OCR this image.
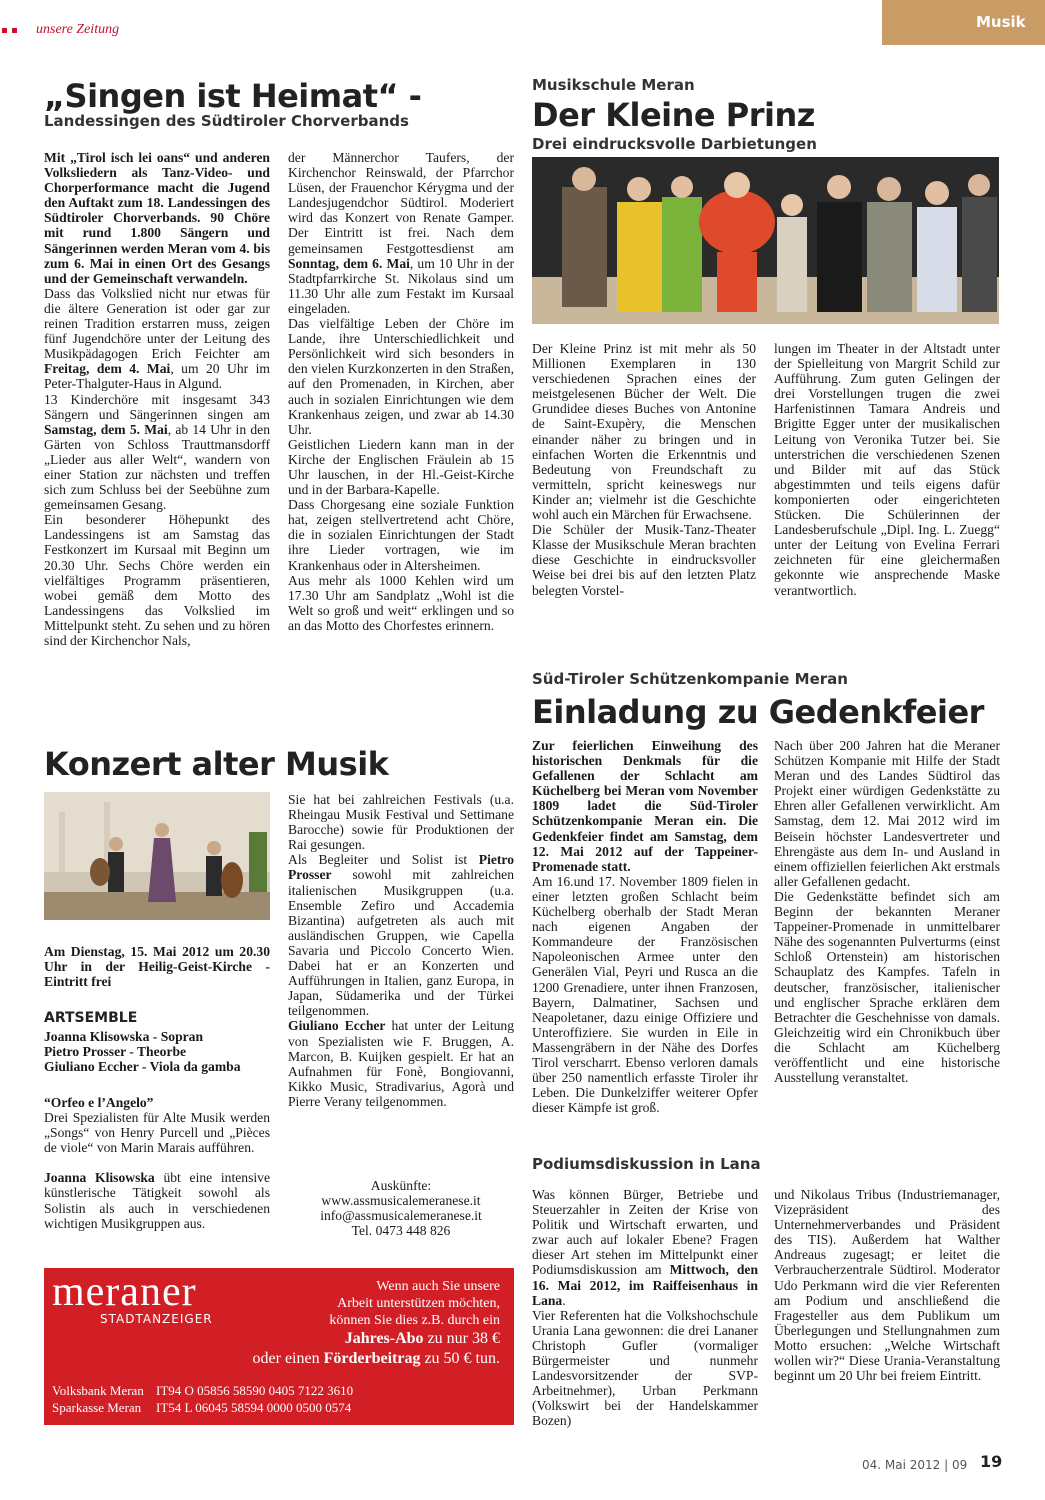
unsere Zeitung	Musik
„Singen ist Heimat“ -
Landessingen des Südtiroler Chorverbands

Mit „Tirol isch lei oans“ und anderen Volksliedern als Tanz-Video- und Chorperformance macht die Jugend den Auftakt zum 18. Landessingen des Südtiroler Chorverbands. 90 Chöre mit rund 1.800 Sängern und Sängerinnen werden Meran vom 4. bis zum 6. Mai in einen Ort des Gesangs und der Gemeinschaft verwandeln.
Dass das Volkslied nicht nur etwas für die ältere Generation ist oder gar zur reinen Tradition erstarren muss, zeigen fünf Jugendchöre unter der Leitung des Musikpädagogen Erich Feichter am Freitag, dem 4. Mai, um 20 Uhr im Peter-Thalguter-Haus in Algund.
13 Kinderchöre mit insgesamt 343 Sängern und Sängerinnen singen am Samstag, dem 5. Mai, ab 14 Uhr in den Gärten von Schloss Trauttmansdorff „Lieder aus aller Welt“, wandern von einer Station zur nächsten und treffen sich zum Schluss bei der Seebühne zum gemeinsamen Gesang.
Ein besonderer Höhepunkt des Landessingens ist am Samstag das Festkonzert im Kursaal mit Beginn um 20.30 Uhr. Sechs Chöre werden ein vielfältiges Programm präsentieren, wobei gemäß dem Motto des Landessingens das Volkslied im Mittelpunkt steht. Zu sehen und zu hören sind der Kirchenchor Nals,

der Männerchor Taufers, der Kirchenchor Reinswald, der Pfarrchor Lüsen, der Frauenchor Kérygma und der Landesjugendchor Südtirol. Moderiert wird das Konzert von Renate Gamper. Der Eintritt ist frei. Nach dem gemeinsamen Festgottesdienst am Sonntag, dem 6. Mai, um 10 Uhr in der Stadtpfarrkirche St. Nikolaus sind um 11.30 Uhr alle zum Festakt im Kursaal eingeladen.
Das vielfältige Leben der Chöre im Lande, ihre Unterschiedlichkeit und Persönlichkeit wird sich besonders in den vielen Kurzkonzerten in den Straßen, auf den Promenaden, in Kirchen, aber auch in sozialen Einrichtungen wie dem Krankenhaus zeigen, und zwar ab 14.30 Uhr.
Geistlichen Liedern kann man in der Kirche der Englischen Fräulein ab 15 Uhr lauschen, in der Hl.-Geist-Kirche und in der Barbara-Kapelle.
Dass Chorgesang eine soziale Funktion hat, zeigen stellvertretend acht Chöre, die in sozialen Einrichtungen der Stadt ihre Lieder vortragen, wie im Krankenhaus oder in Altersheimen.
Aus mehr als 1000 Kehlen wird um 17.30 Uhr am Sandplatz „Wohl ist die Welt so groß und weit“ erklingen und so an das Motto des Chorfestes erinnern.

Musikschule Meran
Der Kleine Prinz
Drei eindrucksvolle Darbietungen

Der Kleine Prinz ist mit mehr als 50 Millionen Exemplaren in 130 verschiedenen Sprachen eines der meistgelesenen Bücher der Welt. Die Grundidee dieses Buches von Antonine de Saint-Exupèry, die Menschen einander näher zu bringen und in einfachen Worten die Erkenntnis und Bedeutung von Freundschaft zu vermitteln, spricht keineswegs nur Kinder an; vielmehr ist die Geschichte wohl auch ein Märchen für Erwachsene.
Die Schüler der Musik-Tanz-Theater Klasse der Musikschule Meran brachten diese Geschichte in eindrucksvoller Weise bei drei bis auf den letzten Platz belegten Vorstel-

lungen im Theater in der Altstadt unter der Spielleitung von Margrit Schild zur Aufführung. Zum guten Gelingen der drei Vorstellungen trugen die zwei Harfenistinnen Tamara Andreis und Brigitte Egger unter der musikalischen Leitung von Veronika Tutzer bei. Sie unterstrichen die verschiedenen Szenen und Bilder mit auf das Stück abgestimmten und teils eigens dafür komponierten oder eingerichteten Stücken. Die Schülerinnen der Landesberufschule „Dipl. Ing. L. Zuegg“ unter der Leitung von Evelina Ferrari zeichneten für eine gleichermaßen gekonnte wie ansprechende Maske verantwortlich.

Süd-Tiroler Schützenkompanie Meran
Einladung zu Gedenkfeier

Zur feierlichen Einweihung des historischen Denkmals für die Gefallenen der Schlacht am Küchelberg bei Meran vom November 1809 ladet die Süd-Tiroler Schützenkompanie Meran ein. Die Gedenkfeier findet am Samstag, dem 12. Mai 2012 auf der Tappeiner-Promenade statt.
Am 16.und 17. November 1809 fielen in einer letzten großen Schlacht beim Küchelberg oberhalb der Stadt Meran nach eigenen Angaben der Kommandeure der Französischen Napoleonischen Armee unter den Generälen Vial, Peyri und Rusca an die 1200 Grenadiere, unter ihnen Franzosen, Bayern, Dalmatiner, Sachsen und Neapoletaner, dazu einige Offiziere und Unteroffiziere. Sie wurden in Eile in Massengräbern in der Nähe des Dorfes Tirol verscharrt. Ebenso verloren damals über 250 namentlich erfasste Tiroler ihr Leben. Die Dunkelziffer weiterer Opfer dieser Kämpfe ist groß.

Nach über 200 Jahren hat die Meraner Schützen Kompanie mit Hilfe der Stadt Meran und des Landes Südtirol das Projekt einer würdigen Gedenkstätte zu Ehren aller Gefallenen verwirklicht. Am Samstag, dem 12. Mai 2012 wird im Beisein höchster Landesvertreter und Ehrengäste aus dem In- und Ausland in einem offiziellen feierlichen Akt erstmals aller Gefallenen gedacht.
Die Gedenkstätte befindet sich am Beginn der bekannten Meraner Tappeiner-Promenade in unmittelbarer Nähe des sogenannten Pulverturms (einst Schloß Ortenstein) am historischen Schauplatz des Kampfes. Tafeln in deutscher, französischer, italienischer und englischer Sprache erklären dem Betrachter die Geschehnisse von damals. Gleichzeitig wird ein Chronikbuch über die Schlacht am Küchelberg veröffentlicht und eine historische Ausstellung veranstaltet.

Podiumsdiskussion in Lana

Was können Bürger, Betriebe und Steuerzahler in Zeiten der Krise von Politik und Wirtschaft erwarten, und zwar auch auf lokaler Ebene? Fragen dieser Art stehen im Mittelpunkt einer Podiumsdiskussion am Mittwoch, den 16. Mai 2012, im Raiffeisenhaus in Lana.
Vier Referenten hat die Volkshochschule Urania Lana gewonnen: die drei Lananer Christoph Gufler (vormaliger Bürgermeister und nunmehr Landesvorsitzender der SVP-Arbeitnehmer), Urban Perkmann (Volkswirt bei der Handelskammer Bozen)

und Nikolaus Tribus (Industriemanager, Vizepräsident des Unternehmerverbandes und Präsident des TIS). Außerdem hat Walther Andreaus zugesagt; er leitet die Verbraucherzentrale Südtirol. Moderator Udo Perkmann wird die vier Referenten am Podium und anschließend die Fragesteller aus dem Publikum um Überlegungen und Stellungnahmen zum Motto ersuchen: „Welche Wirtschaft wollen wir?“ Diese Urania-Veranstaltung beginnt um 20 Uhr bei freiem Eintritt.

Konzert alter Musik
Am Dienstag, 15. Mai 2012 um 20.30 Uhr in der Heilig-Geist-Kirche - Eintritt frei
ARTSEMBLE
Joanna Klisowska - Sopran
Pietro Prosser - Theorbe
Giuliano Eccher - Viola da gamba
“Orfeo e l’Angelo”

Drei Spezialisten für Alte Musik werden „Songs“ von Henry Purcell und „Pièces de viole“ von Marin Marais aufführen.

Joanna Klisowska übt eine intensive künstlerische Tätigkeit sowohl als Solistin als auch in verschiedenen wichtigen Musikgruppen aus.

Sie hat bei zahlreichen Festivals (u.a. Rheingau Musik Festival und Settimane Barocche) sowie für Produktionen der Rai gesungen.
Als Begleiter und Solist ist Pietro Prosser sowohl mit zahlreichen italienischen Musikgruppen (u.a. Ensemble Zefiro und Accademia Bizantina) aufgetreten als auch mit ausländischen Gruppen, wie Capella Savaria und Piccolo Concerto Wien. Dabei hat er an Konzerten und Aufführungen in Italien, ganz Europa, in Japan, Südamerika und der Türkei teilgenommen.
Giuliano Eccher hat unter der Leitung von Spezialisten wie F. Bruggen, A. Marcon, B. Kuijken gespielt. Er hat an Aufnahmen für Fonè, Bongiovanni, Kikko Music, Stradivarius, Agorà und Pierre Verany teilgenommen.

Auskünfte:
www.assmusicalemeranese.it
info@assmusicalemeranese.it
Tel. 0473 448 826
meraner
STADTANZEIGER
Wenn auch Sie unsere
Arbeit unterstützen möchten,
können Sie dies z.B. durch ein
Jahres-Abo zu nur 38 €
oder einen Förderbeitrag zu 50 € tun.
Volksbank Meran IT94 O 05856 58590 0405 7122 3610
Sparkasse Meran IT54 L 06045 58594 0000 0500 0574
04. Mai 2012 | 09 19
